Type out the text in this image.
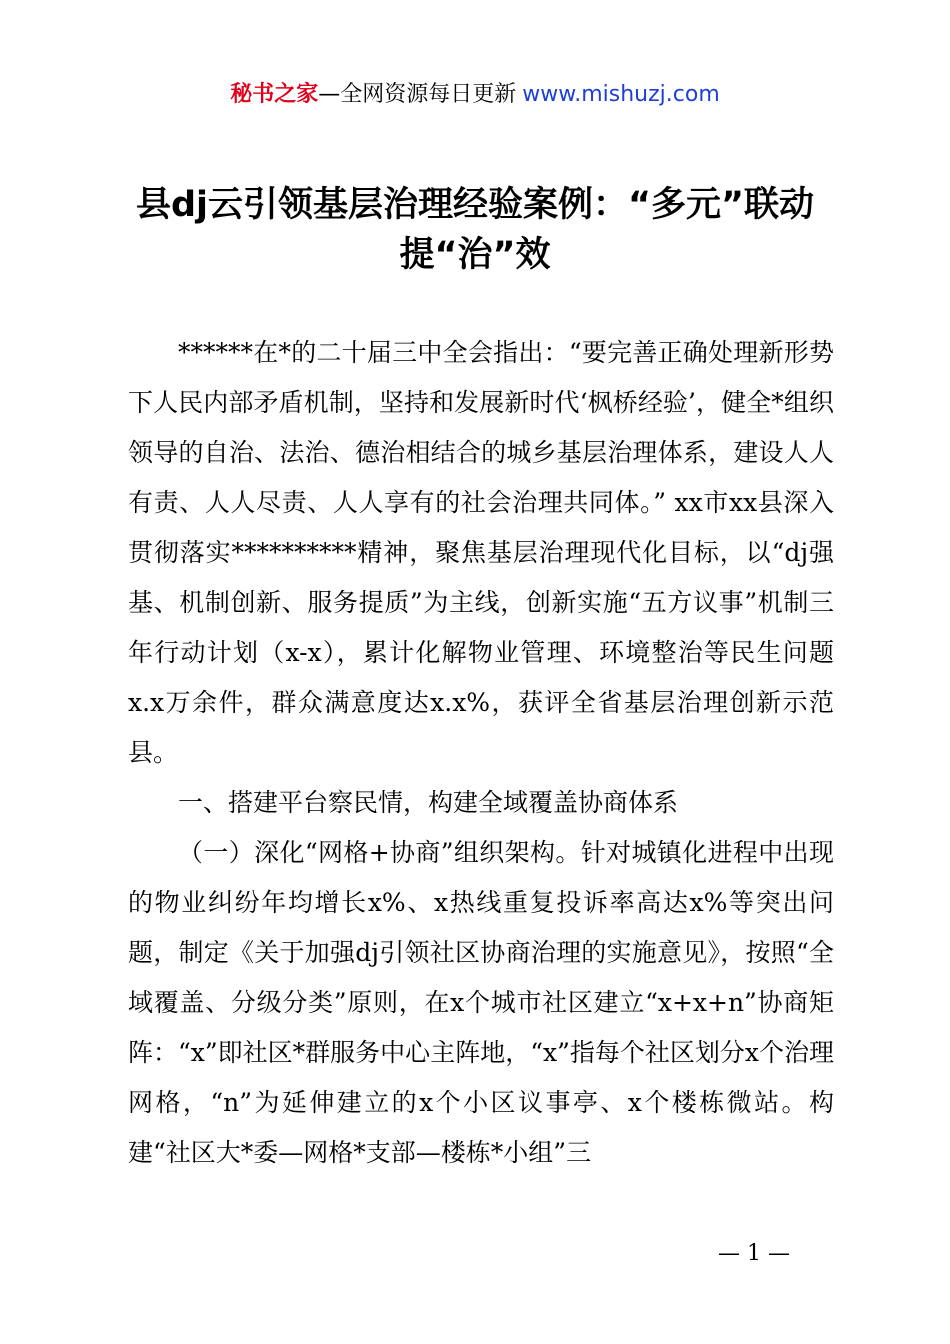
秘书之家—全网资源每日更新 www.mishuzj.com
县dj云引领基层治理经验案例：“多元”联动提“治”效

******在*的二十届三中全会指出：“要完善正确处理新形势下人民内部矛盾机制，坚持和发展新时代‘枫桥经验’，健全*组织领导的自治、法治、德治相结合的城乡基层治理体系，建设人人有责、人人尽责、人人享有的社会治理共同体。” xx市xx县深入贯彻落实**********精神，聚焦基层治理现代化目标，以“dj强基、机制创新、服务提质”为主线，创新实施“五方议事”机制三年行动计划（x-x），累计化解物业管理、环境整治等民生问题x.x万余件，群众满意度达x.x%，获评全省基层治理创新示范县。

一、搭建平台察民情，构建全域覆盖协商体系

（一）深化“网格+协商”组织架构。针对城镇化进程中出现的物业纠纷年均增长x%、x热线重复投诉率高达x%等突出问题，制定《关于加强dj引领社区协商治理的实施意见》，按照“全域覆盖、分级分类”原则，在x个城市社区建立“x+x+n”协商矩阵：“x”即社区*群服务中心主阵地，“x”指每个社区划分x个治理网格，“n”为延伸建立的x个小区议事亭、x个楼栋微站。构建“社区大*委—网格*支部—楼栋*小组”三

— 1 —
